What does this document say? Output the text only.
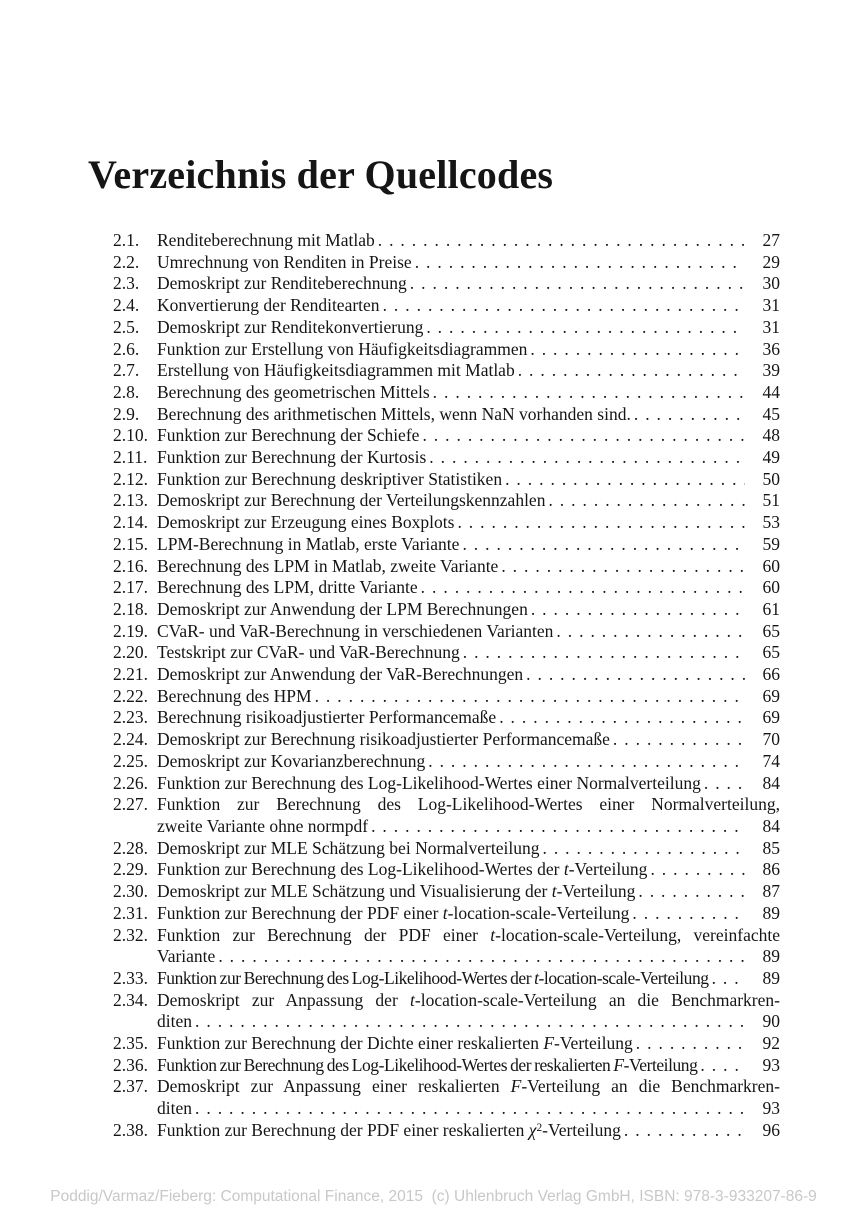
Verzeichnis der Quellcodes
2.1.	Renditeberechnung mit Matlab . . .	27
2.2.	Umrechnung von Renditen in Preise . . .	29
2.3.	Demoskript zur Renditeberechnung . . .	30
2.4.	Konvertierung der Renditearten . . .	31
2.5.	Demoskript zur Renditekonvertierung . . .	31
2.6.	Funktion zur Erstellung von Häufigkeitsdiagrammen . . .	36
2.7.	Erstellung von Häufigkeitsdiagrammen mit Matlab . . .	39
2.8.	Berechnung des geometrischen Mittels . . .	44
2.9.	Berechnung des arithmetischen Mittels, wenn NaN vorhanden sind. . . .	45
2.10. Funktion zur Berechnung der Schiefe . . .	48
2.11. Funktion zur Berechnung der Kurtosis . . .	49
2.12. Funktion zur Berechnung deskriptiver Statistiken . . .	50
2.13. Demoskript zur Berechnung der Verteilungskennzahlen . . .	51
2.14. Demoskript zur Erzeugung eines Boxplots . . .	53
2.15. LPM-Berechnung in Matlab, erste Variante . . .	59
2.16. Berechnung des LPM in Matlab, zweite Variante . . .	60
2.17. Berechnung des LPM, dritte Variante . . .	60
2.18. Demoskript zur Anwendung der LPM Berechnungen . . .	61
2.19. CVaR- und VaR-Berechnung in verschiedenen Varianten . . .	65
2.20. Testskript zur CVaR- und VaR-Berechnung . . .	65
2.21. Demoskript zur Anwendung der VaR-Berechnungen . . .	66
2.22. Berechnung des HPM . . .	69
2.23. Berechnung risikoadjustierter Performancemaße . . .	69
2.24. Demoskript zur Berechnung risikoadjustierter Performancemaße . . .	70
2.25. Demoskript zur Kovarianzberechnung . . .	74
2.26. Funktion zur Berechnung des Log-Likelihood-Wertes einer Normalverteilung . . .	84
2.27. Funktion zur Berechnung des Log-Likelihood-Wertes einer Normalverteilung,
zweite Variante ohne normpdf . . .	84
2.28. Demoskript zur MLE Schätzung bei Normalverteilung . . .	85
2.29. Funktion zur Berechnung des Log-Likelihood-Wertes der t-Verteilung . . .	86
2.30. Demoskript zur MLE Schätzung und Visualisierung der t-Verteilung . . .	87
2.31. Funktion zur Berechnung der PDF einer t-location-scale-Verteilung . . .	89
2.32. Funktion zur Berechnung der PDF einer t-location-scale-Verteilung, vereinfachte
Variante . . .	89
2.33. Funktion zur Berechnung des Log-Likelihood-Wertes der t-location-scale-Verteilung . . .	89
2.34. Demoskript zur Anpassung der t-location-scale-Verteilung an die Benchmarkren-
diten . . .	90
2.35. Funktion zur Berechnung der Dichte einer reskalierten F-Verteilung . . .	92
2.36. Funktion zur Berechnung des Log-Likelihood-Wertes der reskalierten F-Verteilung . . .	93
2.37. Demoskript zur Anpassung einer reskalierten F-Verteilung an die Benchmarkren-
diten . . .	93
2.38. Funktion zur Berechnung der PDF einer reskalierten $\chi^2$-Verteilung . . .	96
Poddig/Varmaz/Fieberg: Computational Finance, 2015  (c) Uhlenbruch Verlag GmbH, ISBN: 978-3-933207-86-9
